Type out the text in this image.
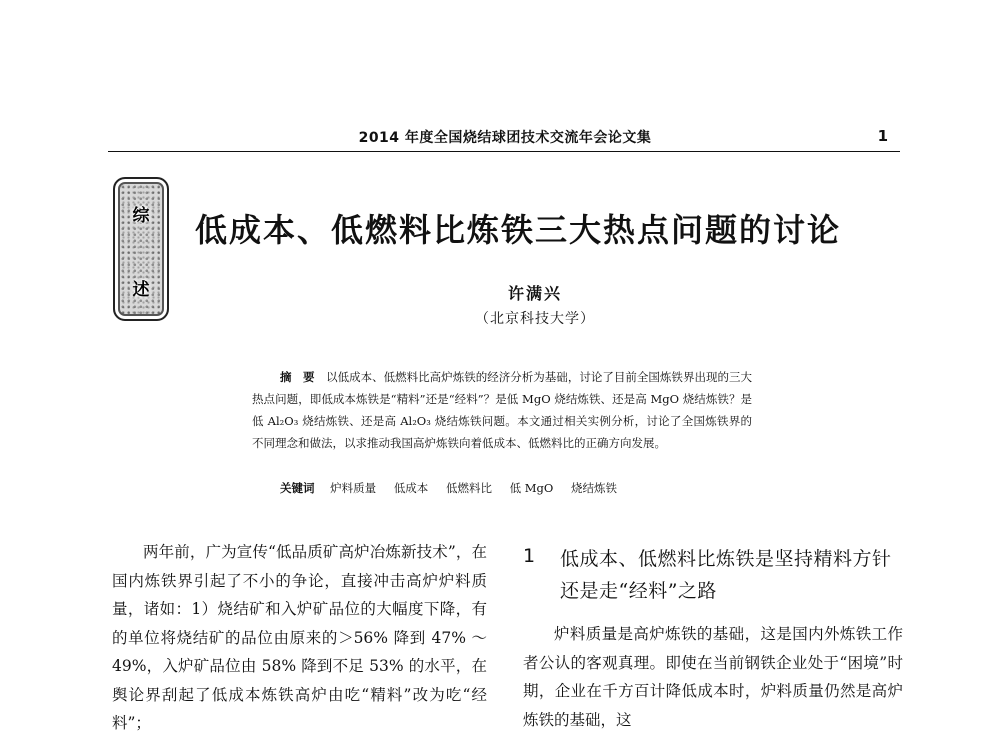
2014 年度全国烧结球团技术交流年会论文集	1
综
述
低成本、低燃料比炼铁三大热点问题的讨论
许满兴
（北京科技大学）
摘　要　 以低成本、低燃料比高炉炼铁的经济分析为基础，讨论了目前全国炼铁界出现的三大热点问题，即低成本炼铁是“精料”还是“经料”？是低 MgO 烧结炼铁、还是高 MgO 烧结炼铁？是低 Al₂O₃ 烧结炼铁、还是高 Al₂O₃ 烧结炼铁问题。本文通过相关实例分析，讨论了全国炼铁界的不同理念和做法，以求推动我国高炉炼铁向着低成本、低燃料比的正确方向发展。
关键词 炉料质量 低成本 低燃料比 低 MgO 烧结炼铁
两年前，广为宣传“低品质矿高炉冶炼新技术”，在国内炼铁界引起了不小的争论，直接冲击高炉炉料质量，诸如：1）烧结矿和入炉矿品位的大幅度下降，有的单位将烧结矿的品位由原来的＞56% 降到 47% ～49%，入炉矿品位由 58% 降到不足 53% 的水平，在舆论界刮起了低成本炼铁高炉由吃“精料”改为吃“经料”；
1 低成本、低燃料比炼铁是坚持精料方针还是走“经料”之路
炉料质量是高炉炼铁的基础，这是国内外炼铁工作者公认的客观真理。即使在当前钢铁企业处于“困境”时期，企业在千方百计降低成本时，炉料质量仍然是高炉炼铁的基础，这
